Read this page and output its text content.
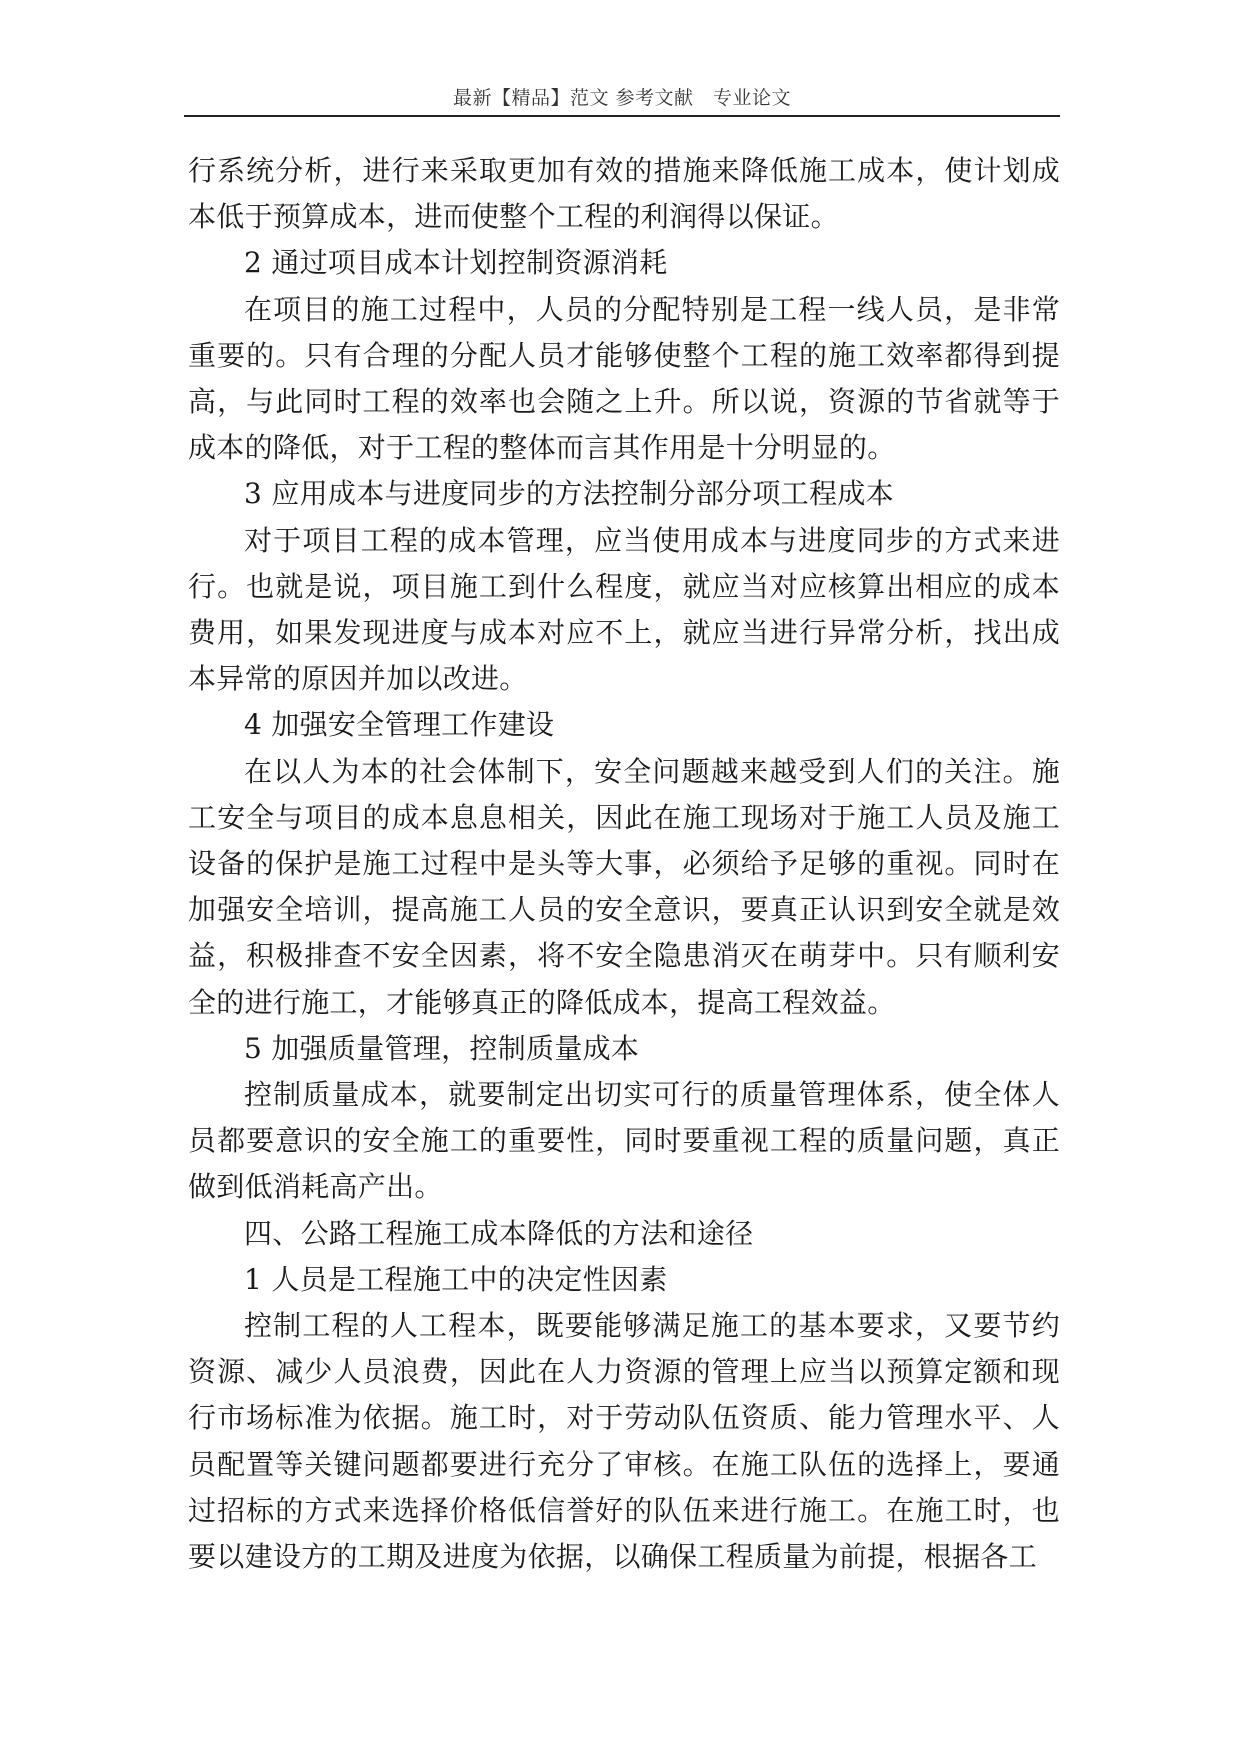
最新【精品】范文 参考文献　专业论文

行系统分析，进行来采取更加有效的措施来降低施工成本，使计划成本低于预算成本，进而使整个工程的利润得以保证。

2 通过项目成本计划控制资源消耗

在项目的施工过程中，人员的分配特别是工程一线人员，是非常重要的。只有合理的分配人员才能够使整个工程的施工效率都得到提高，与此同时工程的效率也会随之上升。所以说，资源的节省就等于成本的降低，对于工程的整体而言其作用是十分明显的。

3 应用成本与进度同步的方法控制分部分项工程成本

对于项目工程的成本管理，应当使用成本与进度同步的方式来进行。也就是说，项目施工到什么程度，就应当对应核算出相应的成本费用，如果发现进度与成本对应不上，就应当进行异常分析，找出成本异常的原因并加以改进。

4 加强安全管理工作建设

在以人为本的社会体制下，安全问题越来越受到人们的关注。施工安全与项目的成本息息相关，因此在施工现场对于施工人员及施工设备的保护是施工过程中是头等大事，必须给予足够的重视。同时在加强安全培训，提高施工人员的安全意识，要真正认识到安全就是效益，积极排查不安全因素，将不安全隐患消灭在萌芽中。只有顺利安全的进行施工，才能够真正的降低成本，提高工程效益。

5 加强质量管理，控制质量成本

控制质量成本，就要制定出切实可行的质量管理体系，使全体人员都要意识的安全施工的重要性，同时要重视工程的质量问题，真正做到低消耗高产出。

四、公路工程施工成本降低的方法和途径

1 人员是工程施工中的决定性因素

控制工程的人工程本，既要能够满足施工的基本要求，又要节约资源、减少人员浪费，因此在人力资源的管理上应当以预算定额和现行市场标准为依据。施工时，对于劳动队伍资质、能力管理水平、人员配置等关键问题都要进行充分了审核。在施工队伍的选择上，要通过招标的方式来选择价格低信誉好的队伍来进行施工。在施工时，也要以建设方的工期及进度为依据，以确保工程质量为前提，根据各工
